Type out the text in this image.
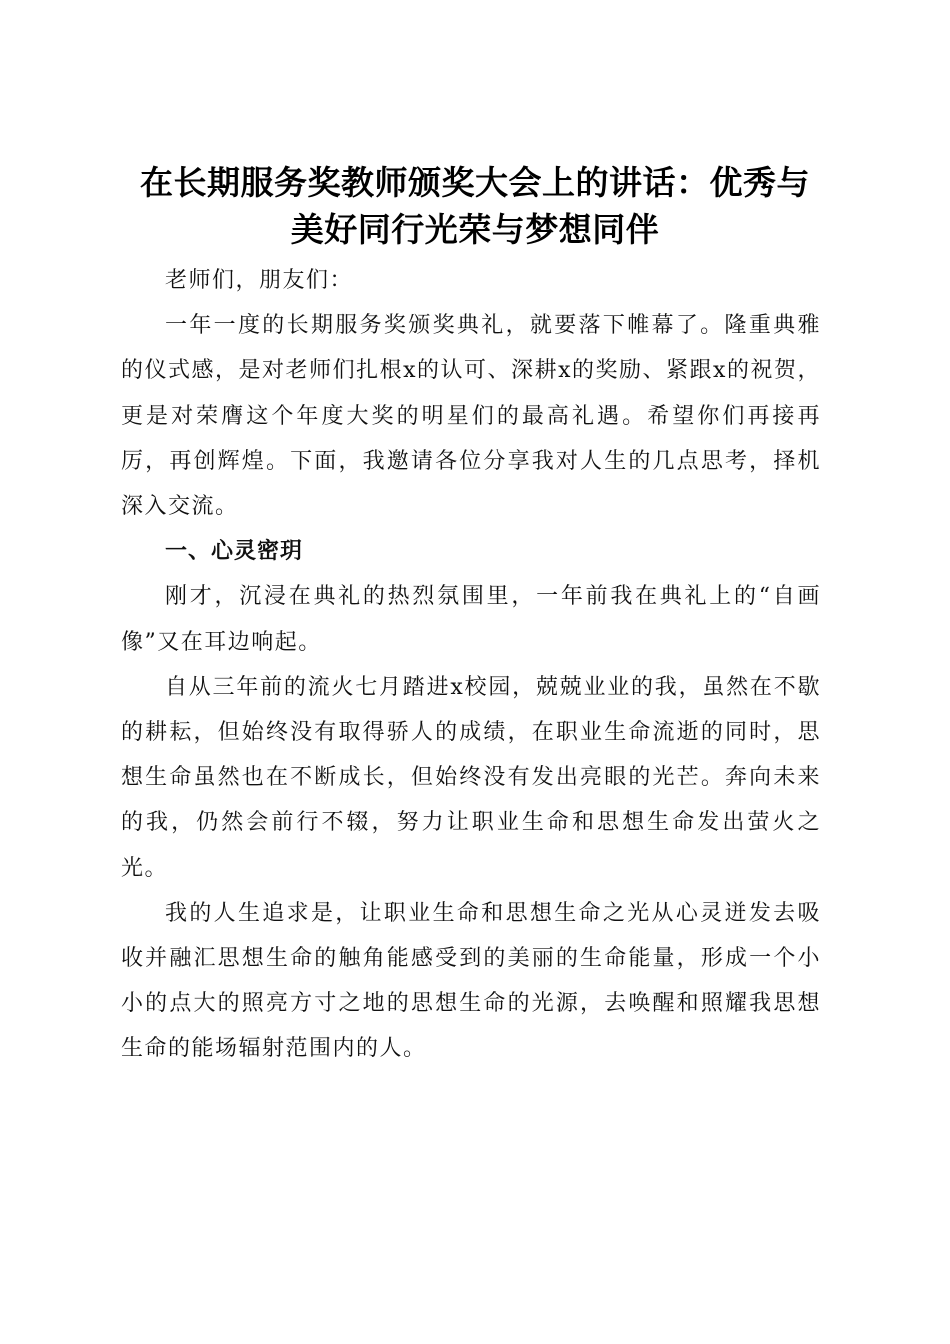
在长期服务奖教师颁奖大会上的讲话：优秀与
美好同行光荣与梦想同伴

老师们，朋友们：

一年一度的长期服务奖颁奖典礼，就要落下帷幕了。隆重典雅的仪式感，是对老师们扎根x的认可、深耕x的奖励、紧跟x的祝贺，更是对荣膺这个年度大奖的明星们的最高礼遇。希望你们再接再厉，再创辉煌。下面，我邀请各位分享我对人生的几点思考，择机深入交流。

一、心灵密玥

刚才，沉浸在典礼的热烈氛围里，一年前我在典礼上的“自画像”又在耳边响起。

自从三年前的流火七月踏进x校园，兢兢业业的我，虽然在不歇的耕耘，但始终没有取得骄人的成绩，在职业生命流逝的同时，思想生命虽然也在不断成长，但始终没有发出亮眼的光芒。奔向未来的我，仍然会前行不辍，努力让职业生命和思想生命发出萤火之光。

我的人生追求是，让职业生命和思想生命之光从心灵迸发去吸收并融汇思想生命的触角能感受到的美丽的生命能量，形成一个小小的点大的照亮方寸之地的思想生命的光源，去唤醒和照耀我思想生命的能场辐射范围内的人。
